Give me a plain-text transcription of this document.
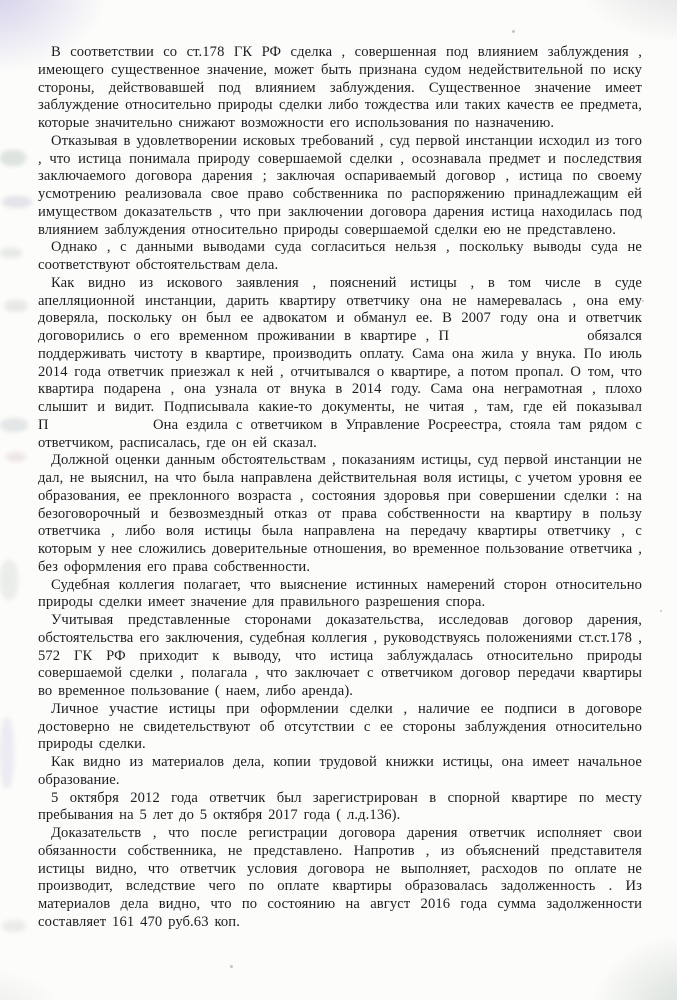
В соответствии со ст.178 ГК РФ сделка , совершенная под влиянием заблуждения , имеющего существенное значение, может быть признана судом недействительной по иску стороны, действовавшей под влиянием заблуждения. Существенное значение имеет заблуждение относительно природы сделки либо тождества или таких качеств ее предмета, которые значительно снижают возможности его использования по назначению.

Отказывая в удовлетворении исковых требований , суд первой инстанции исходил из того , что истица понимала природу совершаемой сделки , осознавала предмет и последствия заключаемого договора дарения ; заключая оспариваемый договор , истица по своему усмотрению реализовала свое право собственника по распоряжению принадлежащим ей имуществом доказательств , что при заключении договора дарения истица находилась под влиянием заблуждения относительно природы совершаемой сделки ею не представлено.

Однако , с данными выводами суда согласиться нельзя , поскольку выводы суда не соответствуют обстоятельствам дела.

Как видно из искового заявления , пояснений истицы , в том числе в суде апелляционной инстанции, дарить квартиру ответчику она не намеревалась , она ему доверяла, поскольку он был ее адвокатом и обманул ее. В 2007 году она и ответчик договорились о его временном проживании в квартире , П               обязался поддерживать чистоту в квартире, производить оплату. Сама она жила у внука. По июль 2014 года ответчик приезжал к ней , отчитывался о квартире, а потом пропал. О том, что квартира подарена , она узнала от внука в 2014 году. Сама она неграмотная , плохо слышит и видит. Подписывала какие-то документы, не читая , там, где ей показывал П             Она ездила с ответчиком в Управление Росреестра, стояла там рядом с ответчиком, расписалась, где он ей сказал.

Должной оценки данным обстоятельствам , показаниям истицы, суд первой инстанции не дал, не выяснил, на что была направлена действительная воля истицы, с учетом уровня ее образования, ее преклонного возраста , состояния здоровья при совершении сделки : на безоговорочный и безвозмездный отказ от права собственности на квартиру в пользу ответчика , либо воля истицы была направлена на передачу квартиры ответчику , с которым у нее сложились доверительные отношения, во временное пользование ответчика , без оформления его права собственности.

Судебная коллегия полагает, что выяснение истинных намерений сторон относительно природы сделки имеет значение для правильного разрешения спора.

Учитывая представленные сторонами доказательства, исследовав договор дарения, обстоятельства его заключения, судебная коллегия , руководствуясь положениями ст.ст.178 , 572 ГК РФ приходит к выводу, что истица заблуждалась относительно природы совершаемой сделки , полагала , что заключает с ответчиком договор передачи квартиры во временное пользование ( наем, либо аренда).

Личное участие истицы при оформлении сделки , наличие ее подписи в договоре достоверно не свидетельствуют об отсутствии с ее стороны заблуждения относительно природы сделки.

Как видно из материалов дела, копии трудовой книжки истицы, она имеет начальное образование.

5 октября 2012 года ответчик был зарегистрирован в спорной квартире по месту пребывания на 5 лет до 5 октября 2017 года ( л.д.136).

Доказательств , что после регистрации договора дарения ответчик исполняет свои обязанности собственника, не представлено. Напротив , из объяснений представителя истицы видно, что ответчик условия договора не выполняет, расходов по оплате не производит, вследствие чего по оплате квартиры образовалась задолженность . Из материалов дела видно, что по состоянию на август 2016 года сумма задолженности составляет 161 470 руб.63 коп.
